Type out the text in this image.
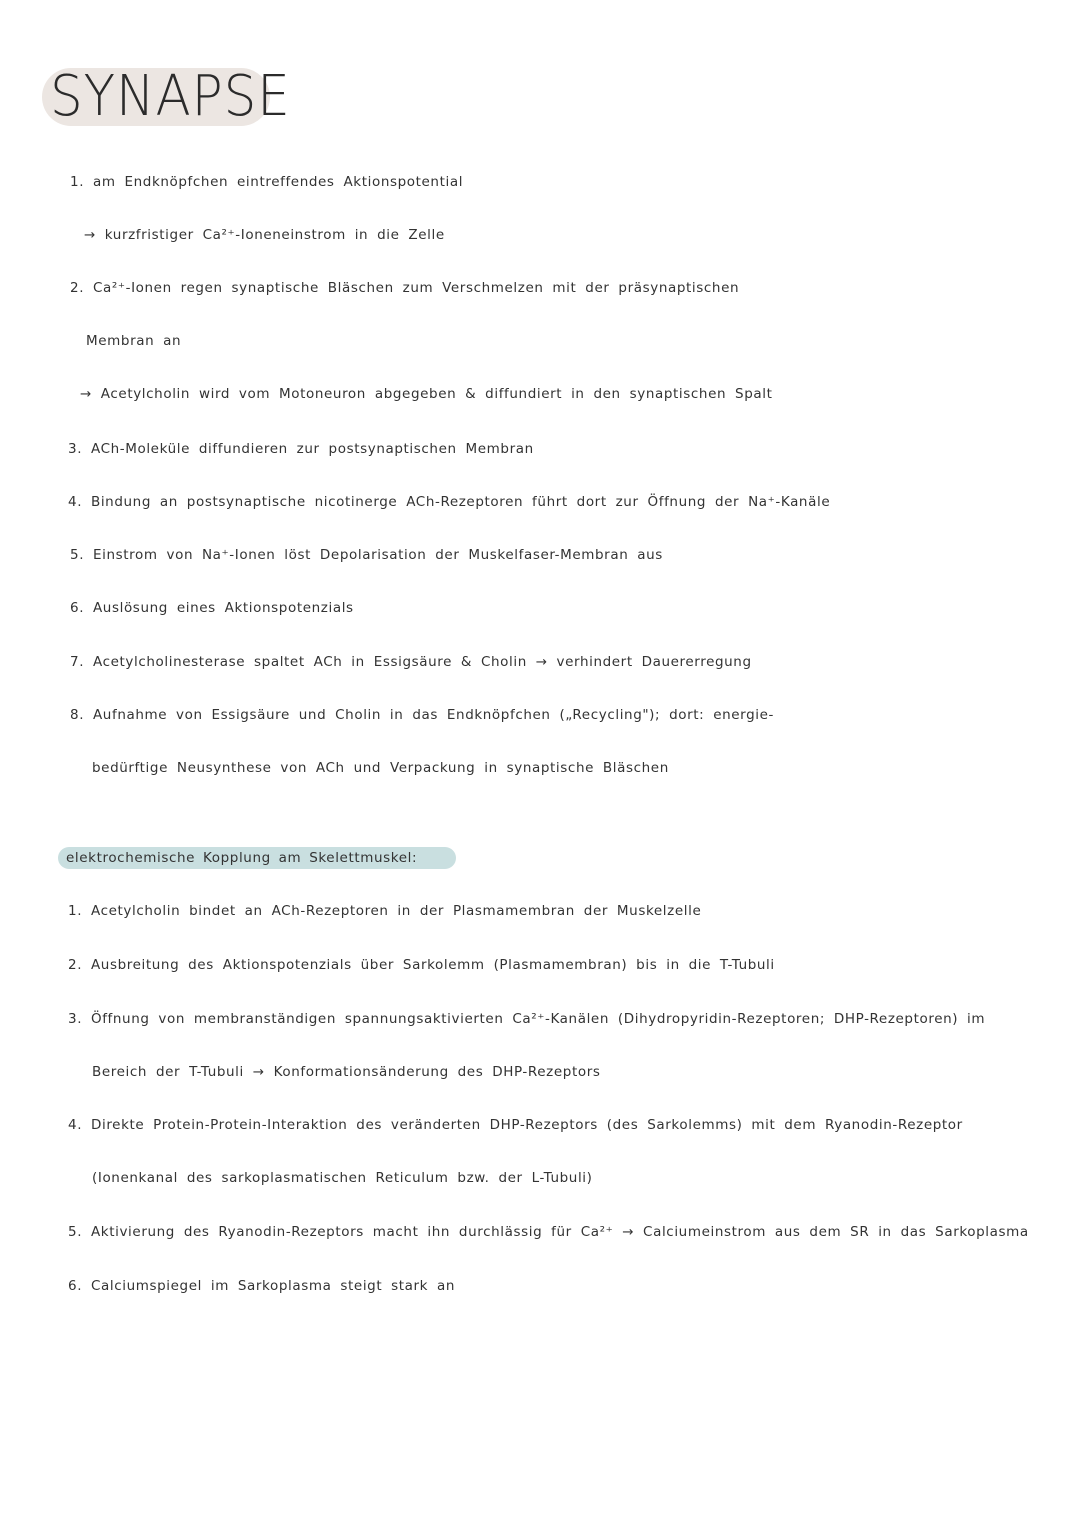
SYNAPSE
1. am Endknöpfchen eintreffendes Aktionspotential
→ kurzfristiger Ca²⁺-Ioneneinstrom in die Zelle
2. Ca²⁺-Ionen regen synaptische Bläschen zum Verschmelzen mit der präsynaptischen
Membran an
→ Acetylcholin wird vom Motoneuron abgegeben & diffundiert in den synaptischen Spalt
3. ACh-Moleküle diffundieren zur postsynaptischen Membran
4. Bindung an postsynaptische nicotinerge ACh-Rezeptoren führt dort zur Öffnung der Na⁺-Kanäle
5. Einstrom von Na⁺-Ionen löst Depolarisation der Muskelfaser-Membran aus
6. Auslösung eines Aktionspotenzials
7. Acetylcholinesterase spaltet ACh in Essigsäure & Cholin → verhindert Dauererregung
8. Aufnahme von Essigsäure und Cholin in das Endknöpfchen („Recycling"); dort: energie-
bedürftige Neusynthese von ACh und Verpackung in synaptische Bläschen
elektrochemische Kopplung am Skelettmuskel:
1. Acetylcholin bindet an ACh-Rezeptoren in der Plasmamembran der Muskelzelle
2. Ausbreitung des Aktionspotenzials über Sarkolemm (Plasmamembran) bis in die T-Tubuli
3. Öffnung von membranständigen spannungsaktivierten Ca²⁺-Kanälen (Dihydropyridin-Rezeptoren; DHP-Rezeptoren) im
Bereich der T-Tubuli → Konformationsänderung des DHP-Rezeptors
4. Direkte Protein-Protein-Interaktion des veränderten DHP-Rezeptors (des Sarkolemms) mit dem Ryanodin-Rezeptor
(Ionenkanal des sarkoplasmatischen Reticulum bzw. der L-Tubuli)
5. Aktivierung des Ryanodin-Rezeptors macht ihn durchlässig für Ca²⁺ → Calciumeinstrom aus dem SR in das Sarkoplasma
6. Calciumspiegel im Sarkoplasma steigt stark an
